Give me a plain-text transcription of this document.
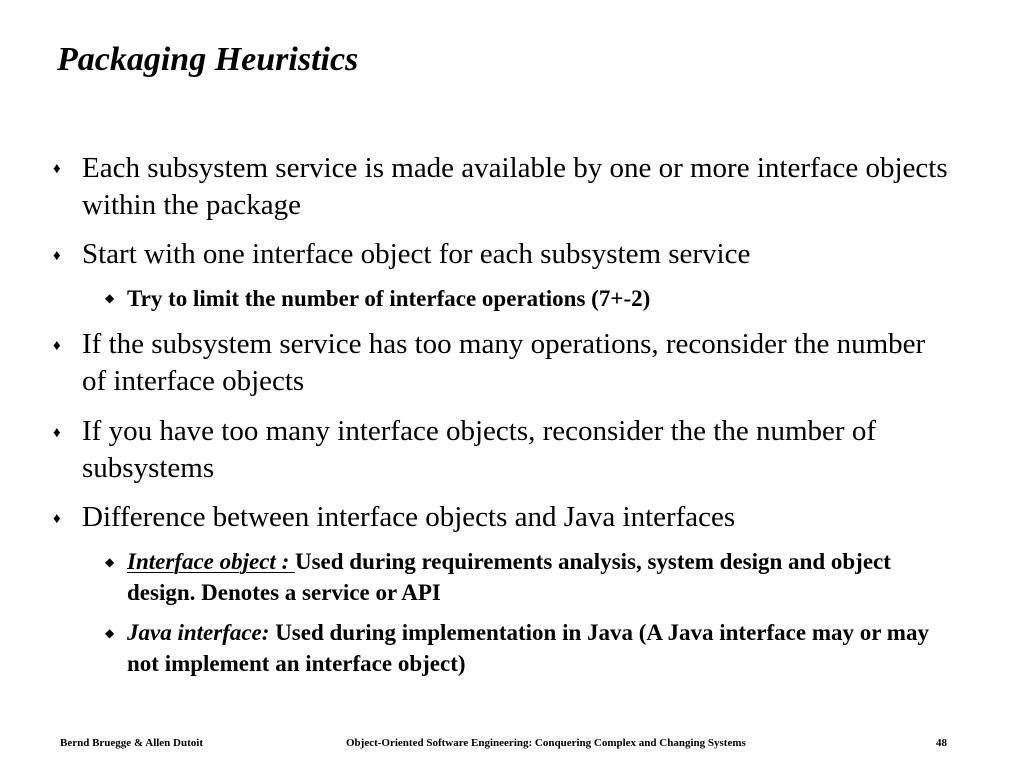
Packaging Heuristics
♦ Each subsystem service is made available by one or more interface objects within the package
♦ Start with one interface object for each subsystem service
◆ Try to limit the number of interface operations (7+-2)
♦ If the subsystem service has too many operations, reconsider the number of interface objects
♦ If you have too many interface objects, reconsider the the number of subsystems
♦ Difference between interface objects and Java interfaces
◆ Interface object : Used during requirements analysis, system design and object design. Denotes a service or API
◆ Java interface: Used during implementation in Java (A Java interface may or may not implement an interface object)
Bernd Bruegge & Allen Dutoit	Object-Oriented Software Engineering: Conquering Complex and Changing Systems	48
